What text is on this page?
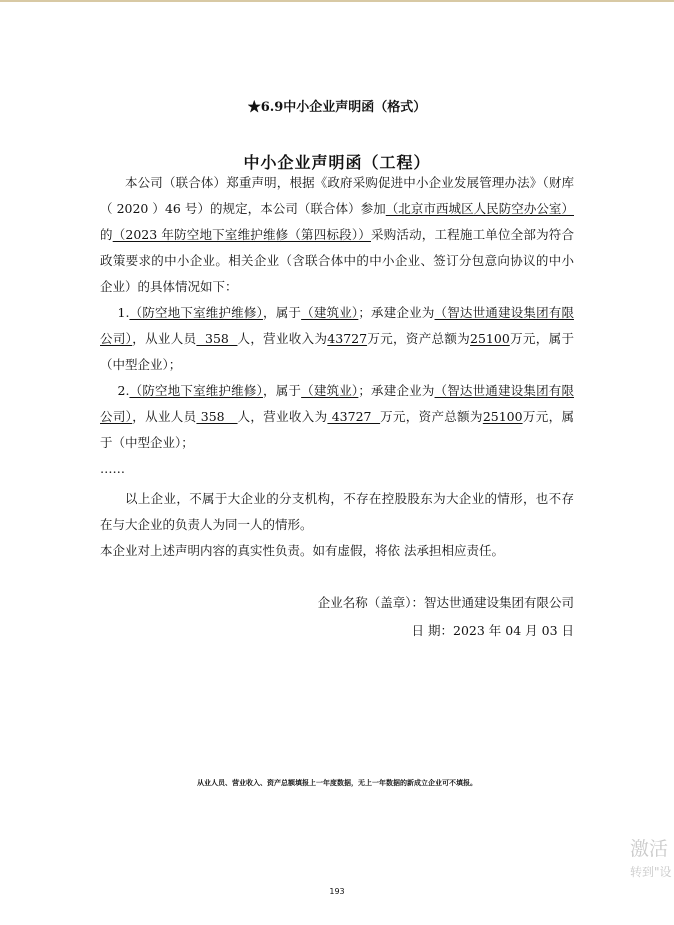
★6.9中小企业声明函（格式）
中小企业声明函（工程）

本公司（联合体）郑重声明，根据《政府采购促进中小企业发展管理办法》（财库（ 2020 ）46 号）的规定，本公司（联合体）参加（北京市西城区人民防空办公室）的（2023 年防空地下室维护维修（第四标段））采购活动，工程施工单位全部为符合政策要求的中小企业。相关企业（含联合体中的中小企业、签订分包意向协议的中小企业）的具体情况如下：

1.（防空地下室维护维修），属于（建筑业）；承建企业为（智达世通建设集团有限公司），从业人员  358  人，营业收入为43727万元，资产总额为25100万元，属于（中型企业）；

2.（防空地下室维护维修），属于（建筑业）；承建企业为（智达世通建设集团有限公司），从业人员 358   人，营业收入为 43727  万元，资产总额为25100万元，属于（中型企业）；

……

以上企业，不属于大企业的分支机构，不存在控股股东为大企业的情形，也不存在与大企业的负责人为同一人的情形。

本企业对上述声明内容的真实性负责。如有虚假，将依 法承担相应责任。

企业名称（盖章）：智达世通建设集团有限公司
日 期：2023 年 04 月 03 日
从业人员、营业收入、资产总额填报上一年度数据，无上一年数据的新成立企业可不填报。
激活
转到"设
193
